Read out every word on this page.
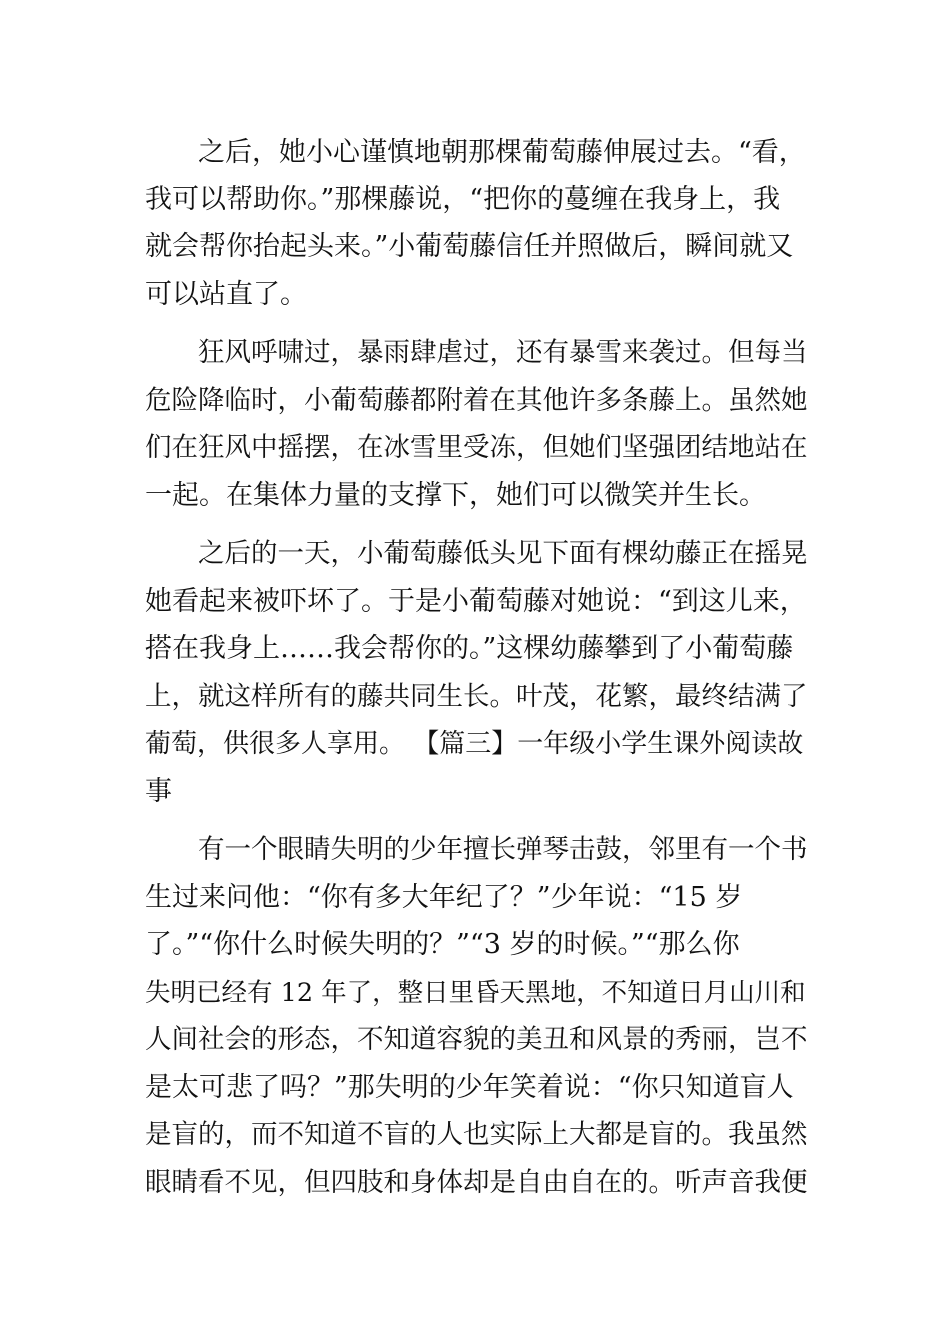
之后，她小心谨慎地朝那棵葡萄藤伸展过去。“看，
我可以帮助你。”那棵藤说，“把你的蔓缠在我身上，我
就会帮你抬起头来。”小葡萄藤信任并照做后，瞬间就又
可以站直了。
狂风呼啸过，暴雨肆虐过，还有暴雪来袭过。但每当
危险降临时，小葡萄藤都附着在其他许多条藤上。虽然她
们在狂风中摇摆，在冰雪里受冻，但她们坚强团结地站在
一起。在集体力量的支撑下，她们可以微笑并生长。
之后的一天，小葡萄藤低头见下面有棵幼藤正在摇晃
她看起来被吓坏了。于是小葡萄藤对她说：“到这儿来，
搭在我身上……我会帮你的。”这棵幼藤攀到了小葡萄藤
上，就这样所有的藤共同生长。叶茂，花繁，最终结满了
葡萄，供很多人享用。 【篇三】一年级小学生课外阅读故
事
有一个眼睛失明的少年擅长弹琴击鼓，邻里有一个书
生过来问他：“你有多大年纪了？”少年说：“15 岁
了。”“你什么时候失明的？”“3 岁的时候。”“那么你
失明已经有 12 年了，整日里昏天黑地，不知道日月山川和
人间社会的形态，不知道容貌的美丑和风景的秀丽，岂不
是太可悲了吗？”那失明的少年笑着说：“你只知道盲人
是盲的，而不知道不盲的人也实际上大都是盲的。我虽然
眼睛看不见，但四肢和身体却是自由自在的。听声音我便
